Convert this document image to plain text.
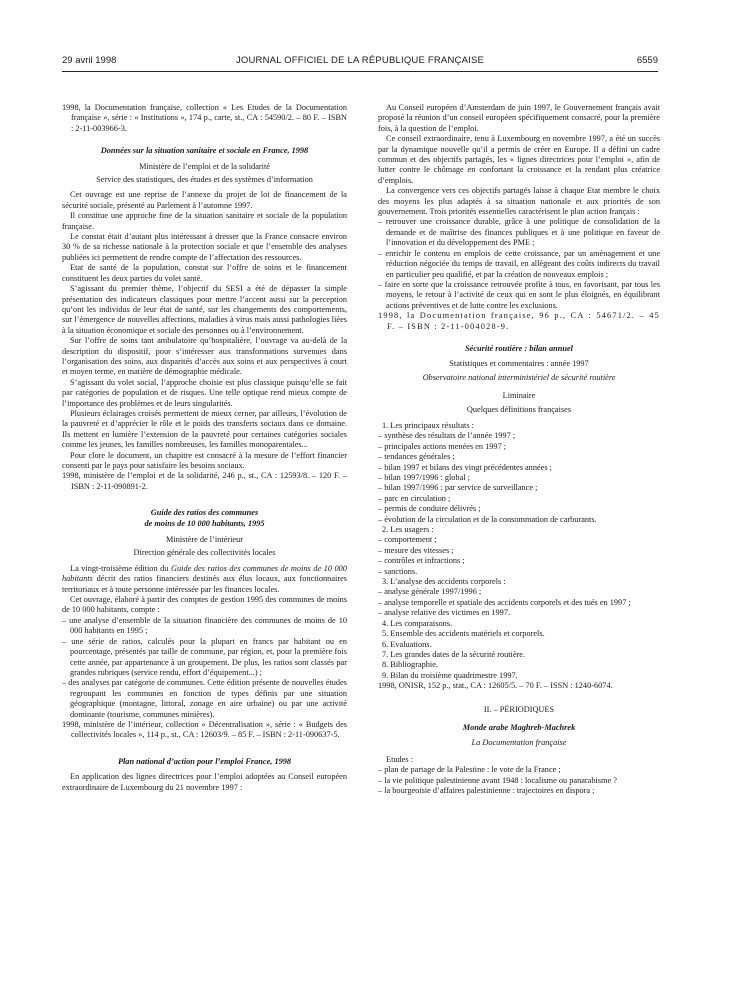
29 avril 1998	JOURNAL OFFICIEL DE LA RÉPUBLIQUE FRANÇAISE	6559

1998, la Documentation française, collection « Les Etudes de la Documentation française », série : « Institutions », 174 p., carte, st., CA : 54590/2. – 80 F. – ISBN : 2-11-003966-3.

Données sur la situation sanitaire et sociale en France, 1998

Ministère de l’emploi et de la solidarité

Service des statistiques, des études et des systèmes d’information

Cet ouvrage est une reprise de l’annexe du projet de loi de financement de la sécurité sociale, présenté au Parlement à l’automne 1997.

Il constitue une approche fine de la situation sanitaire et sociale de la population française.

Le constat était d’autant plus intéressant à dresser que la France consacre environ 30 % de sa richesse nationale à la protection sociale et que l’ensemble des analyses publiées ici permettent de rendre compte de l’affectation des ressources.

Etat de santé de la population, constat sur l’offre de soins et le financement constituent les deux parties du volet santé.

S’agissant du premier thème, l’objectif du SESI a été de dépasser la simple présentation des indicateurs classiques pour mettre l’accent aussi sur la perception qu’ont les individus de leur état de santé, sur les changements des comportements, sur l’émergence de nouvelles affections, maladies à virus mais aussi pathologies liées à la situation économique et sociale des personnes ou à l’environnement.

Sur l’offre de soins tant ambulatoire qu’hospitalière, l’ouvrage va au-delà de la description du dispositif, pour s’intéresser aux transformations survenues dans l’organisation des soins, aux disparités d’accès aux soins et aux perspectives à court et moyen terme, en matière de démographie médicale.

S’agissant du volet social, l’approche choisie est plus classique puisqu’elle se fait par catégories de population et de risques. Une telle optique rend mieux compte de l’importance des problèmes et de leurs singularités.

Plusieurs éclairages croisés permettent de mieux cerner, par ailleurs, l’évolution de la pauvreté et d’apprécier le rôle et le poids des transferts sociaux dans ce domaine. Ils mettent en lumière l’extension de la pauvreté pour certaines catégories sociales comme les jeunes, les familles nombreuses, les familles monoparentales...

Pour clore le document, un chapitre est consacré à la mesure de l’effort financier consenti par le pays pour satisfaire les besoins sociaux.

1998, ministère de l’emploi et de la solidarité, 246 p., st., CA : 12593/8. – 120 F. – ISBN : 2-11-090891-2.

Guide des ratios des communes
de moins de 10 000 habitants, 1995

Ministère de l’intérieur

Direction générale des collectivités locales

La vingt-troisième édition du Guide des ratios des communes de moins de 10 000 habitants décrit des ratios financiers destinés aux élus locaux, aux fonctionnaires territoriaux et à toute personne intéressée par les finances locales.

Cet ouvrage, élaboré à partir des comptes de gestion 1995 des communes de moins de 10 000 habitants, compte :

– une analyse d’ensemble de la situation financière des communes de moins de 10 000 habitants en 1995 ;

– une série de ratios, calculés pour la plupart en francs par habitant ou en pourcentage, présentés par taille de commune, par région, et, pour la première fois cette année, par appartenance à un groupement. De plus, les ratios sont classés par grandes rubriques (service rendu, effort d’équipement...) ;

– des analyses par catégorie de communes. Cette édition présente de nouvelles études regroupant les communes en fonction de types définis par une situation géographique (montagne, littoral, zonage en aire urbaine) ou par une activité dominante (tourisme, communes minières).

1998, ministère de l’intérieur, collection « Décentralisation », série : « Budgets des collectivités locales », 114 p., st., CA : 12603/9. – 85 F. – ISBN : 2-11-090637-5.

Plan national d’action pour l’emploi France, 1998

En application des lignes directrices pour l’emploi adoptées au Conseil européen extraordinaire de Luxembourg du 21 novembre 1997 :

Au Conseil européen d’Amsterdam de juin 1997, le Gouvernement français avait proposé la réunion d’un conseil européen spécifiquement consacré, pour la première fois, à la question de l’emploi.

Ce conseil extraordinaire, tenu à Luxembourg en novembre 1997, a été un succès par la dynamique nouvelle qu’il a permis de créer en Europe. Il a défini un cadre commun et des objectifs partagés, les « lignes directrices pour l’emploi », afin de lutter contre le chômage en confortant la croissance et la rendant plus créatrice d’emplois.

La convergence vers ces objectifs partagés laisse à chaque Etat membre le choix des moyens les plus adaptés à sa situation nationale et aux priorités de son gouvernement. Trois priorités essentielles caractérisent le plan action français :

– retrouver une croissance durable, grâce à une politique de consolidation de la demande et de maîtrise des finances publiques et à une politique en faveur de l’innovation et du développement des PME ;

– enrichir le contenu en emplois de cette croissance, par un aménagement et une réduction négociée du temps de travail, en allégeant des coûts indirects du travail en particulier peu qualifié, et par la création de nouveaux emplois ;

– faire en sorte que la croissance retrouvée profite à tous, en favorisant, par tous les moyens, le retour à l’activité de ceux qui en sont le plus éloignés, en équilibrant actions préventives et de lutte contre les exclusions.

1998, la Documentation française, 96 p., CA : 54671/2. – 45 F. – ISBN : 2-11-004028-9.

Sécurité routière : bilan annuel

Statistiques et commentaires : année 1997

Observatoire national interministériel de sécurité routière

Liminaire

Quelques définitions françaises

1. Les principaux résultats :

– synthèse des résultats de l’année 1997 ;

– principales actions menées en 1997 ;

– tendances générales ;

– bilan 1997 et bilans des vingt précédentes années ;

– bilan 1997/1996 : global ;

– bilan 1997/1996 : par service de surveillance ;

– parc en circulation ;

– permis de conduire délivrés ;

– évolution de la circulation et de la consommation de carburants.

2. Les usagers :

– comportement ;

– mesure des vitesses ;

– contrôles et infractions ;

– sanctions.

3. L’analyse des accidents corporels :

– analyse générale 1997/1996 ;

– analyse temporelle et spatiale des accidents corporels et des tués en 1997 ;

– analyse relative des victimes en 1997.

4. Les comparaisons.

5. Ensemble des accidents matériels et corporels.

6. Evaluations.

7. Les grandes dates de la sécurité routière.

8. Bibliographie.

9. Bilan du troisième quadrimestre 1997.

1998, ONISR, 152 p., stat., CA : 12605/5. – 70 F. – ISSN : 1240-6074.

II. – PÉRIODIQUES

Monde arabe Maghreb-Machrek

La Documentation française

Etudes :

– plan de partage de la Palestine : le vote de la France ;

– la vie politique palestinienne avant 1948 : localisme ou panarabisme ?

– la bourgeoisie d’affaires palestinienne : trajectoires en dispora ;
